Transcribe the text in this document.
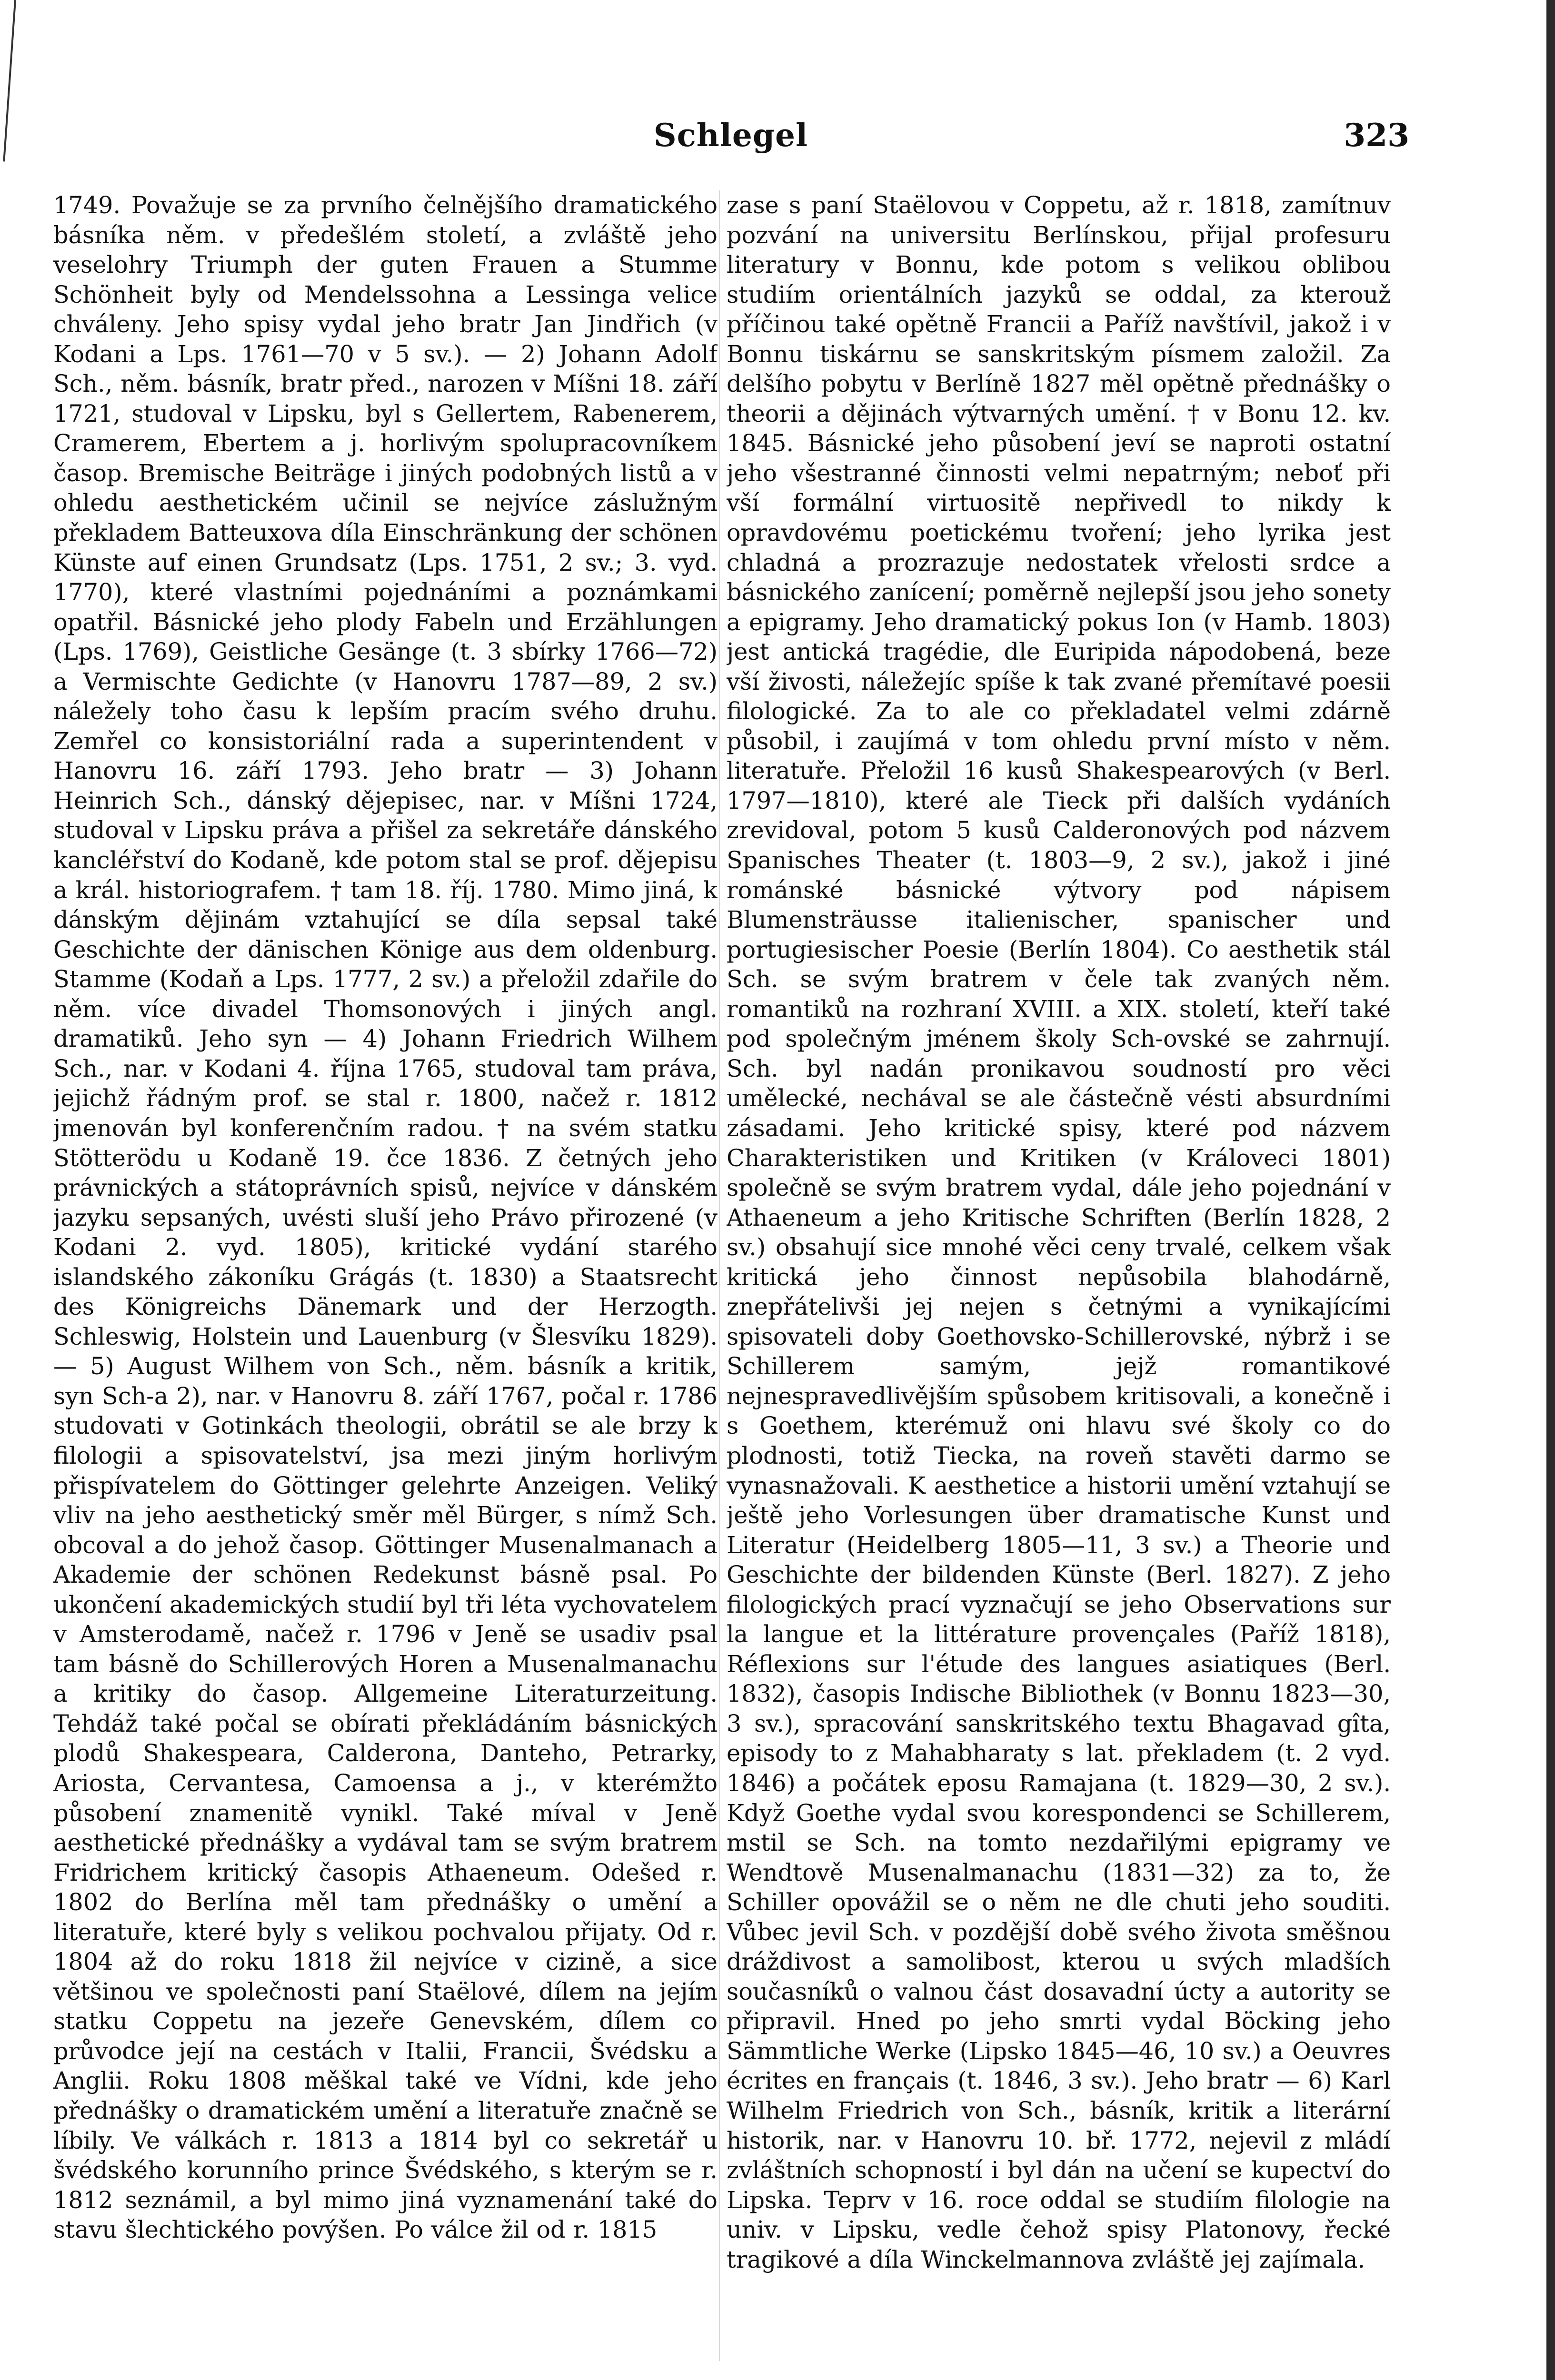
Schlegel	323

1749. Považuje se za prvního čelnějšího dramatického básníka něm. v předešlém století, a zvláště jeho veselohry Triumph der guten Frauen a Stumme Schönheit byly od Mendelssohna a Lessinga velice chváleny. Jeho spisy vydal jeho bratr Jan Jindřich (v Kodani a Lps. 1761—70 v 5 sv.). — 2) Johann Adolf Sch., něm. básník, bratr před., narozen v Míšni 18. září 1721, studoval v Lipsku, byl s Gellertem, Rabenerem, Cramerem, Ebertem a j. horlivým spolupracovníkem časop. Bremische Beiträge i jiných podobných listů a v ohledu aesthetickém učinil se nejvíce záslužným překladem Batteuxova díla Einschränkung der schönen Künste auf einen Grundsatz (Lps. 1751, 2 sv.; 3. vyd. 1770), které vlastními pojednáními a poznámkami opatřil. Básnické jeho plody Fabeln und Erzählungen (Lps. 1769), Geistliche Gesänge (t. 3 sbírky 1766—72) a Vermischte Gedichte (v Hanovru 1787—89, 2 sv.) náležely toho času k lepším pracím svého druhu. Zemřel co konsistoriální rada a superintendent v Hanovru 16. září 1793. Jeho bratr — 3) Johann Heinrich Sch., dánský dějepisec, nar. v Míšni 1724, studoval v Lipsku práva a přišel za sekretáře dánského kancléřství do Kodaně, kde potom stal se prof. dějepisu a král. historiografem. † tam 18. říj. 1780. Mimo jiná, k dánským dějinám vztahující se díla sepsal také Geschichte der dänischen Könige aus dem oldenburg. Stamme (Kodaň a Lps. 1777, 2 sv.) a přeložil zdařile do něm. více divadel Thomsonových i jiných angl. dramatiků. Jeho syn — 4) Johann Friedrich Wilhem Sch., nar. v Kodani 4. října 1765, studoval tam práva, jejichž řádným prof. se stal r. 1800, načež r. 1812 jmenován byl konferenčním radou. † na svém statku Stötterödu u Kodaně 19. čce 1836. Z četných jeho právnických a státoprávních spisů, nejvíce v dánském jazyku sepsaných, uvésti sluší jeho Právo přirozené (v Kodani 2. vyd. 1805), kritické vydání starého islandského zákoníku Grágás (t. 1830) a Staatsrecht des Königreichs Dänemark und der Herzogth. Schleswig, Holstein und Lauenburg (v Šlesvíku 1829). — 5) August Wilhem von Sch., něm. básník a kritik, syn Sch-a 2), nar. v Hanovru 8. září 1767, počal r. 1786 studovati v Gotinkách theologii, obrátil se ale brzy k filologii a spisovatelství, jsa mezi jiným horlivým přispívatelem do Göttinger gelehrte Anzeigen. Veliký vliv na jeho aesthetický směr měl Bürger, s nímž Sch. obcoval a do jehož časop. Göttinger Musenalmanach a Akademie der schönen Redekunst básně psal. Po ukončení akademických studií byl tři léta vychovatelem v Amsterodamě, načež r. 1796 v Jeně se usadiv psal tam básně do Schillerových Horen a Musenalmanachu a kritiky do časop. Allgemeine Literaturzeitung. Tehdáž také počal se obírati překládáním básnických plodů Shakespeara, Calderona, Danteho, Petrarky, Ariosta, Cervantesa, Camoensa a j., v kterémžto působení znamenitě vynikl. Také míval v Jeně aesthetické přednášky a vydával tam se svým bratrem Fridrichem kritický časopis Athaeneum. Odešed r. 1802 do Berlína měl tam přednášky o umění a literatuře, které byly s velikou pochvalou přijaty. Od r. 1804 až do roku 1818 žil nejvíce v cizině, a sice většinou ve společnosti paní Staëlové, dílem na jejím statku Coppetu na jezeře Genevském, dílem co průvodce její na cestách v Italii, Francii, Švédsku a Anglii. Roku 1808 měškal také ve Vídni, kde jeho přednášky o dramatickém umění a literatuře značně se líbily. Ve válkách r. 1813 a 1814 byl co sekretář u švédského korunního prince Švédského, s kterým se r. 1812 seznámil, a byl mimo jiná vyznamenání také do stavu šlechtického povýšen. Po válce žil od r. 1815

zase s paní Staëlovou v Coppetu, až r. 1818, zamítnuv pozvání na universitu Berlínskou, přijal profesuru literatury v Bonnu, kde potom s velikou oblibou studiím orientálních jazyků se oddal, za kterouž příčinou také opětně Francii a Paříž navštívil, jakož i v Bonnu tiskárnu se sanskritským písmem založil. Za delšího pobytu v Berlíně 1827 měl opětně přednášky o theorii a dějinách výtvarných umění. † v Bonu 12. kv. 1845. Básnické jeho působení jeví se naproti ostatní jeho všestranné činnosti velmi nepatrným; neboť při vší formální virtuositě nepřivedl to nikdy k opravdovému poetickému tvoření; jeho lyrika jest chladná a prozrazuje nedostatek vřelosti srdce a básnického zanícení; poměrně nejlepší jsou jeho sonety a epigramy. Jeho dramatický pokus Ion (v Hamb. 1803) jest antická tragédie, dle Euripida nápodobená, beze vší živosti, náležejíc spíše k tak zvané přemítavé poesii filologické. Za to ale co překladatel velmi zdárně působil, i zaujímá v tom ohledu první místo v něm. literatuře. Přeložil 16 kusů Shakespearových (v Berl. 1797—1810), které ale Tieck při dalších vydáních zrevidoval, potom 5 kusů Calderonových pod názvem Spanisches Theater (t. 1803—9, 2 sv.), jakož i jiné románské básnické výtvory pod nápisem Blumensträusse italienischer, spanischer und portugiesischer Poesie (Berlín 1804). Co aesthetik stál Sch. se svým bratrem v čele tak zvaných něm. romantiků na rozhraní XVIII. a XIX. století, kteří také pod společným jménem školy Sch-ovské se zahrnují. Sch. byl nadán pronikavou soudností pro věci umělecké, nechával se ale částečně vésti absurdními zásadami. Jeho kritické spisy, které pod názvem Charakteristiken und Kritiken (v Královeci 1801) společně se svým bratrem vydal, dále jeho pojednání v Athaeneum a jeho Kritische Schriften (Berlín 1828, 2 sv.) obsahují sice mnohé věci ceny trvalé, celkem však kritická jeho činnost nepůsobila blahodárně, znepřátelivši jej nejen s četnými a vynikajícími spisovateli doby Goethovsko-Schillerovské, nýbrž i se Schillerem samým, jejž romantikové nejnespravedlivějším spůsobem kritisovali, a konečně i s Goethem, kterémuž oni hlavu své školy co do plodnosti, totiž Tiecka, na roveň stavěti darmo se vynasnažovali. K aesthetice a historii umění vztahují se ještě jeho Vorlesungen über dramatische Kunst und Literatur (Heidelberg 1805—11, 3 sv.) a Theorie und Geschichte der bildenden Künste (Berl. 1827). Z jeho filologických prací vyznačují se jeho Observations sur la langue et la littérature provençales (Paříž 1818), Réflexions sur l'étude des langues asiatiques (Berl. 1832), časopis Indische Bibliothek (v Bonnu 1823—30, 3 sv.), spracování sanskritského textu Bhagavad gîta, episody to z Mahabharaty s lat. překladem (t. 2 vyd. 1846) a počátek eposu Ramajana (t. 1829—30, 2 sv.). Když Goethe vydal svou korespondenci se Schillerem, mstil se Sch. na tomto nezdařilými epigramy ve Wendtově Musenalmanachu (1831—32) za to, že Schiller opovážil se o něm ne dle chuti jeho souditi. Vůbec jevil Sch. v pozdější době svého života směšnou dráždivost a samolibost, kterou u svých mladších současníků o valnou část dosavadní úcty a autority se připravil. Hned po jeho smrti vydal Böcking jeho Sämmtliche Werke (Lipsko 1845—46, 10 sv.) a Oeuvres écrites en français (t. 1846, 3 sv.). Jeho bratr — 6) Karl Wilhelm Friedrich von Sch., básník, kritik a literární historik, nar. v Hanovru 10. bř. 1772, nejevil z mládí zvláštních schopností i byl dán na učení se kupectví do Lipska. Teprv v 16. roce oddal se studiím filologie na univ. v Lipsku, vedle čehož spisy Platonovy, řecké tragikové a díla Winckelmannova zvláště jej zajímala.
